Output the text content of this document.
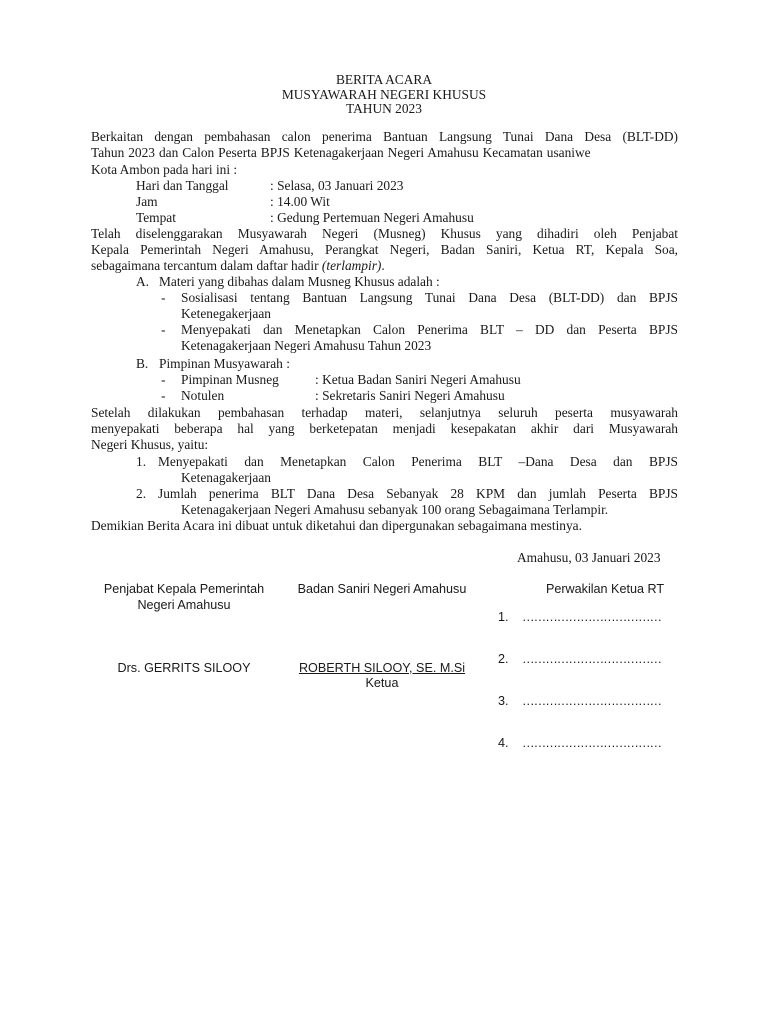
BERITA ACARA
MUSYAWARAH NEGERI KHUSUS
TAHUN 2023
Berkaitan dengan pembahasan calon penerima Bantuan Langsung Tunai Dana Desa (BLT-DD)
Tahun 2023 dan Calon Peserta BPJS Ketenagakerjaan Negeri Amahusu Kecamatan usaniwe
Kota Ambon pada hari ini :
Hari dan Tanggal	: Selasa, 03 Januari 2023
Jam	: 14.00 Wit
Tempat	: Gedung Pertemuan Negeri Amahusu
Telah diselenggarakan Musyawarah Negeri (Musneg) Khusus yang dihadiri oleh Penjabat
Kepala Pemerintah Negeri Amahusu, Perangkat Negeri, Badan Saniri, Ketua RT, Kepala Soa,
sebagaimana tercantum dalam daftar hadir (terlampir).
A. Materi yang dibahas dalam Musneg Khusus adalah :
- Sosialisasi tentang Bantuan Langsung Tunai Dana Desa (BLT-DD) dan BPJS
Ketenegakerjaan
- Menyepakati dan Menetapkan Calon Penerima BLT – DD dan Peserta BPJS
Ketenagakerjaan Negeri Amahusu Tahun 2023
B. Pimpinan Musyawarah :
- Pimpinan Musneg	: Ketua Badan Saniri Negeri Amahusu
- Notulen	: Sekretaris Saniri Negeri Amahusu
Setelah dilakukan pembahasan terhadap materi, selanjutnya seluruh peserta musyawarah
menyepakati beberapa hal yang berketepatan menjadi kesepakatan akhir dari Musyawarah
Negeri Khusus, yaitu:
1. Menyepakati dan Menetapkan Calon Penerima BLT –Dana Desa dan BPJS
Ketenagakerjaan
2. Jumlah penerima BLT Dana Desa Sebanyak 28 KPM dan jumlah Peserta BPJS
Ketenagakerjaan Negeri Amahusu sebanyak 100 orang Sebagaimana Terlampir.
Demikian Berita Acara ini dibuat untuk diketahui dan dipergunakan sebagaimana mestinya.
Amahusu, 03 Januari 2023
Penjabat Kepala Pemerintah
Negeri Amahusu
Drs. GERRITS SILOOY
Badan Saniri Negeri Amahusu
ROBERTH SILOOY, SE. M.Si
Ketua
Perwakilan Ketua RT
1. ………………………………
2. ………………………………
3. ………………………………
4. ………………………………
